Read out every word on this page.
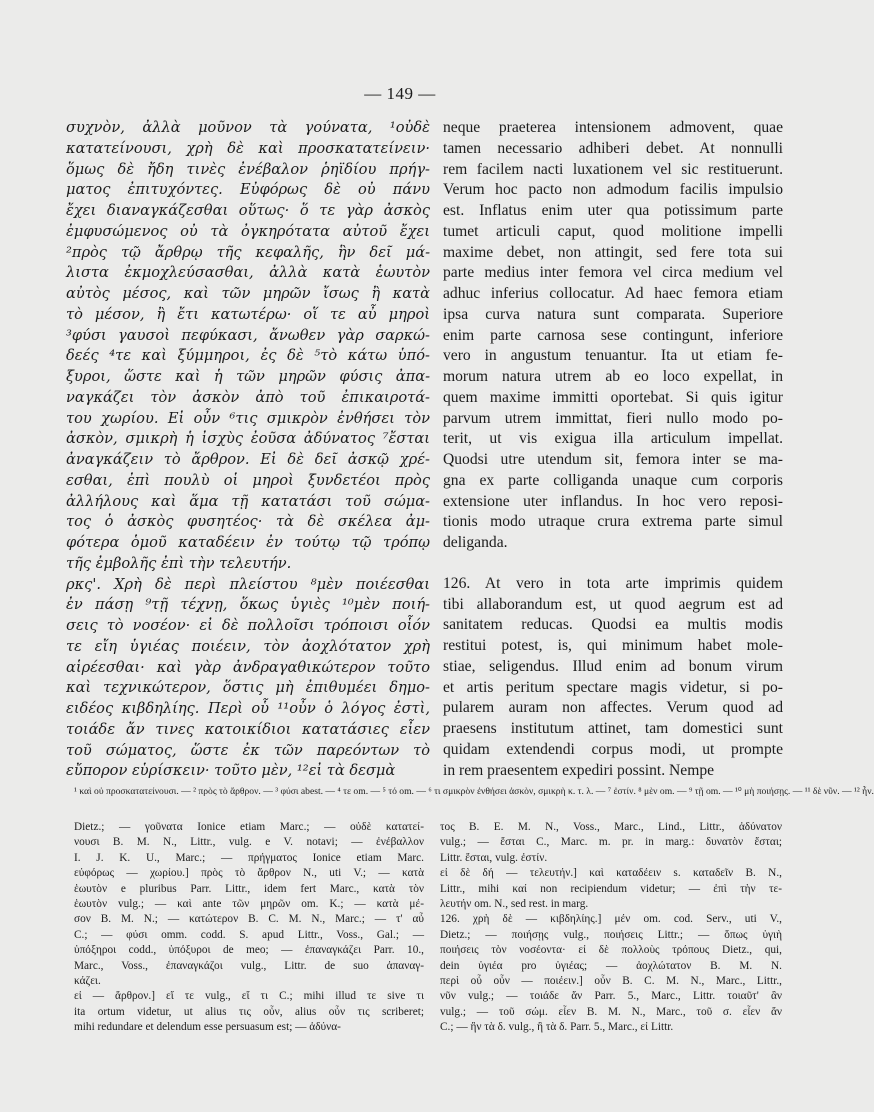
— 149 —
συχνὸν, ἀλλὰ μοῦνον τὰ γούνατα, ¹οὐδὲ
κατατείνουσι, χρὴ δὲ καὶ προσκατατείνειν·
ὅμως δὲ ἤδη τινὲς ἐνέβαλον ῥηϊδίου πρήγ-
ματος ἐπιτυχόντες. Εὐφόρως δὲ οὐ πάνυ
ἔχει διαναγκάζεσθαι οὕτως· ὅ τε γὰρ ἀσκὸς
ἐμφυσώμενος οὐ τὰ ὀγκηρότατα αὐτοῦ ἔχει
²πρὸς τῷ ἄρθρῳ τῆς κεφαλῆς, ἣν δεῖ μά-
λιστα ἐκμοχλεύσασθαι, ἀλλὰ κατὰ ἑωυτὸν
αὐτὸς μέσος, καὶ τῶν μηρῶν ἴσως ἢ κατὰ
τὸ μέσον, ἢ ἔτι κατωτέρω· οἵ τε αὖ μηροὶ
³φύσι γαυσοὶ πεφύκασι, ἄνωθεν γὰρ σαρκώ-
δεές ⁴τε καὶ ξύμμηροι, ἐς δὲ ⁵τὸ κάτω ὑπό-
ξυροι, ὥστε καὶ ἡ τῶν μηρῶν φύσις ἀπα-
ναγκάζει τὸν ἀσκὸν ἀπὸ τοῦ ἐπικαιροτά-
του χωρίου. Εἰ οὖν ⁶τις σμικρὸν ἐνθήσει τὸν
ἀσκὸν, σμικρὴ ἡ ἰσχὺς ἐοῦσα ἀδύνατος ⁷ἔσται
ἀναγκάζειν τὸ ἄρθρον. Εἰ δὲ δεῖ ἀσκῷ χρέ-
εσθαι, ἐπὶ πουλὺ οἱ μηροὶ ξυνδετέοι πρὸς
ἀλλήλους καὶ ἅμα τῇ κατατάσι τοῦ σώμα-
τος ὁ ἀσκὸς φυσητέος· τὰ δὲ σκέλεα ἀμ-
φότερα ὁμοῦ καταδέειν ἐν τούτῳ τῷ τρόπῳ
τῆς ἐμβολῆς ἐπὶ τὴν τελευτήν.
ρκς'. Χρὴ δὲ περὶ πλείστου ⁸μὲν ποιέεσθαι
ἐν πάσῃ ⁹τῇ τέχνῃ, ὅκως ὑγιὲς ¹⁰μὲν ποιή-
σεις τὸ νοσέον· εἰ δὲ πολλοῖσι τρόποισι οἷόν
τε εἴη ὑγιέας ποιέειν, τὸν ἀοχλότατον χρὴ
αἱρέεσθαι· καὶ γὰρ ἀνδραγαθικώτερον τοῦτο
καὶ τεχνικώτερον, ὅστις μὴ ἐπιθυμέει δημο-
ειδέος κιβδηλίης. Περὶ οὗ ¹¹οὖν ὁ λόγος ἐστὶ,
τοιάδε ἄν τινες κατοικίδιοι κατατάσιες εἶεν
τοῦ σώματος, ὥστε ἐκ τῶν παρεόντων τὸ
εὔπορον εὑρίσκειν· τοῦτο μὲν, ¹²εἰ τὰ δεσμὰ
neque praeterea intensionem admovent, quae
tamen necessario adhiberi debet. At nonnulli
rem facilem nacti luxationem vel sic restituerunt.
Verum hoc pacto non admodum facilis impulsio
est. Inflatus enim uter qua potissimum parte
tumet articuli caput, quod molitione impelli
maxime debet, non attingit, sed fere tota sui
parte medius inter femora vel circa medium vel
adhuc inferius collocatur. Ad haec femora etiam
ipsa curva natura sunt comparata. Superiore
enim parte carnosa sese contingunt, inferiore
vero in angustum tenuantur. Ita ut etiam fe-
morum natura utrem ab eo loco expellat, in
quem maxime immitti oportebat. Si quis igitur
parvum utrem immittat, fieri nullo modo po-
terit, ut vis exigua illa articulum impellat.
Quodsi utre utendum sit, femora inter se ma-
gna ex parte colliganda unaque cum corporis
extensione uter inflandus. In hoc vero reposi-
tionis modo utraque crura extrema parte simul
deliganda.
126. At vero in tota arte imprimis quidem
tibi allaborandum est, ut quod aegrum est ad
sanitatem reducas. Quodsi ea multis modis
restitui potest, is, qui minimum habet mole-
stiae, seligendus. Illud enim ad bonum virum
et artis peritum spectare magis videtur, si po-
pularem auram non affectes. Verum quod ad
praesens institutum attinet, tam domestici sunt
quidam extendendi corpus modi, ut prompte
in rem praesentem expediri possint. Nempe
¹ καὶ οὐ προσκατατείνουσι. — ² πρὸς τὸ ἄρθρον. — ³ φύσι abest. — ⁴ τε om. — ⁵ τό om. — ⁶ τι σμικρὸν ἐνθήσει ἀσκὸν, σμικρὴ κ. τ. λ. — ⁷ ἐστίν. ⁸ μὲν om. — ⁹ τῇ om. — ¹⁰ μὴ ποιήσῃς. — ¹¹ δὲ νῦν. — ¹² ἦν.
Dietz.; — γοῦνατα Ionice etiam Marc.; — οὐδὲ κατατεί-
νουσι B. M. N., Littr., vulg. e V. notavi; — ἐνέβαλλον
I. J. K. U., Marc.; — πρήγματος Ionice etiam Marc.
εὐφόρως — χωρίου.] πρὸς τὸ ἄρθρον N., uti V.; — κατὰ
ἑωυτὸν e pluribus Parr. Littr., idem fert Marc., κατὰ τὸν
ἑωυτὸν vulg.; — καὶ ante τῶν μηρῶν om. K.; — κατὰ μέ-
σον B. M. N.; — κατώτερον B. C. M. N., Marc.; — τ' αὖ
C.; — φύσι omm. codd. S. apud Littr., Voss., Gal.; —
ὑπόξηροι codd., ὑπόξυροι de meo; — ἐπαναγκάζει Parr. 10.,
Marc., Voss., ἐπαναγκάζοι vulg., Littr. de suo ἀπαναγ-
κάζει.
εἰ — ἄρθρον.] εἴ τε vulg., εἴ τι C.; mihi illud τε sive τι
ita ortum videtur, ut alius τις οὖν, alius οὖν τις scriberet;
mihi redundare et delendum esse persuasum est; — ἀδύνα-
τος B. E. M. N., Voss., Marc., Lind., Littr., ἀδύνατον
vulg.; — ἔσται C., Marc. m. pr. in marg.: δυνατὸν ἔσται;
Littr. ἔσται, vulg. ἐστίν.
εἰ δὲ δή — τελευτήν.] καὶ καταδέειν s. καταδεῖν B. N.,
Littr., mihi καί non recipiendum videtur; — ἐπὶ τὴν τε-
λευτήν om. N., sed rest. in marg.
126. χρὴ δὲ — κιβδηλίης.] μέν om. cod. Serv., uti V.,
Dietz.; — ποιήσῃς vulg., ποιήσεις Littr.; — ὅπως ὑγιὴ
ποιήσεις τὸν νοσέοντα· εἰ δὲ πολλοὺς τρόπους Dietz., qui,
dein ὑγιέα pro ὑγιέας; — ἀοχλώτατον B. M. N.
περὶ οὗ οὖν — ποιέειν.] οὖν B. C. M. N., Marc., Littr.,
νῦν vulg.; — τοιάδε ἄν Parr. 5., Marc., Littr. τοιαῦτ' ἂν
vulg.; — τοῦ σώμ. εἶεν B. M. N., Marc., τοῦ σ. εἶεν ἄν
C.; — ἢν τὰ δ. vulg., ἢ τὰ δ. Parr. 5., Marc., εἰ Littr.
